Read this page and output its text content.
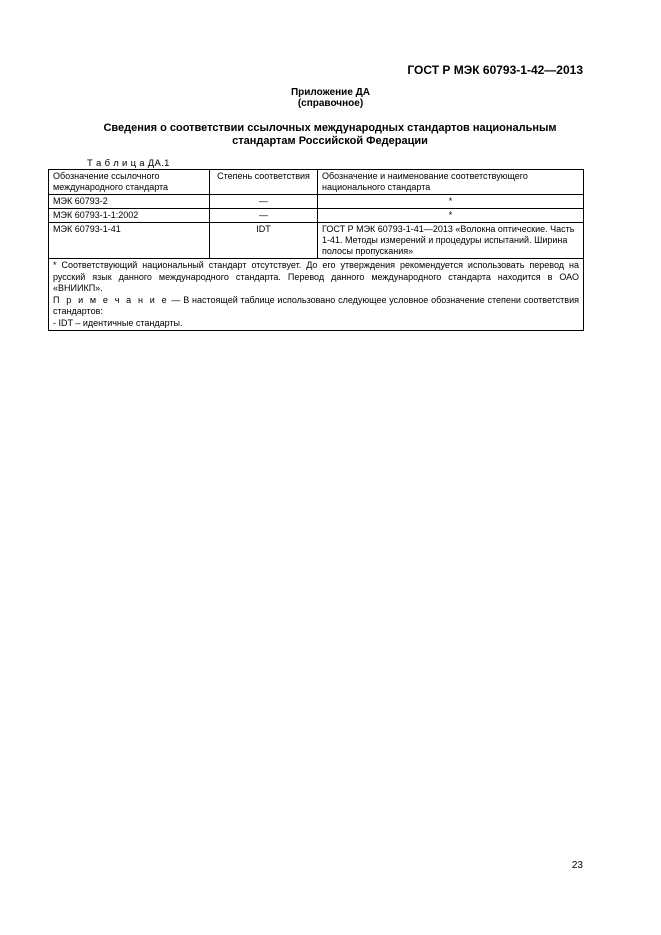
ГОСТ Р МЭК 60793-1-42—2013
Приложение ДА
(справочное)
Сведения о соответствии ссылочных международных стандартов национальным стандартам Российской Федерации
Т а б л и ц а ДА.1
Обозначение ссылочного международного стандарта	Степень соответствия	Обозначение и наименование соответствующего национального стандарта
МЭК 60793-2	—	*
МЭК 60793-1-1:2002	—	*
МЭК 60793-1-41	IDT	ГОСТ Р МЭК 60793-1-41—2013 «Волокна оптические. Часть 1-41. Методы измерений и процедуры испытаний. Ширина полосы пропускания»

* Соответствующий национальный стандарт отсутствует. До его утверждения рекомендуется использовать перевод на русский язык данного международного стандарта. Перевод данного международного стандарта находится в ОАО «ВНИИКП».

П р и м е ч а н и е — В настоящей таблице использовано следующее условное обозначение степени соответствия стандартов:

- IDT – идентичные стандарты.		

23
